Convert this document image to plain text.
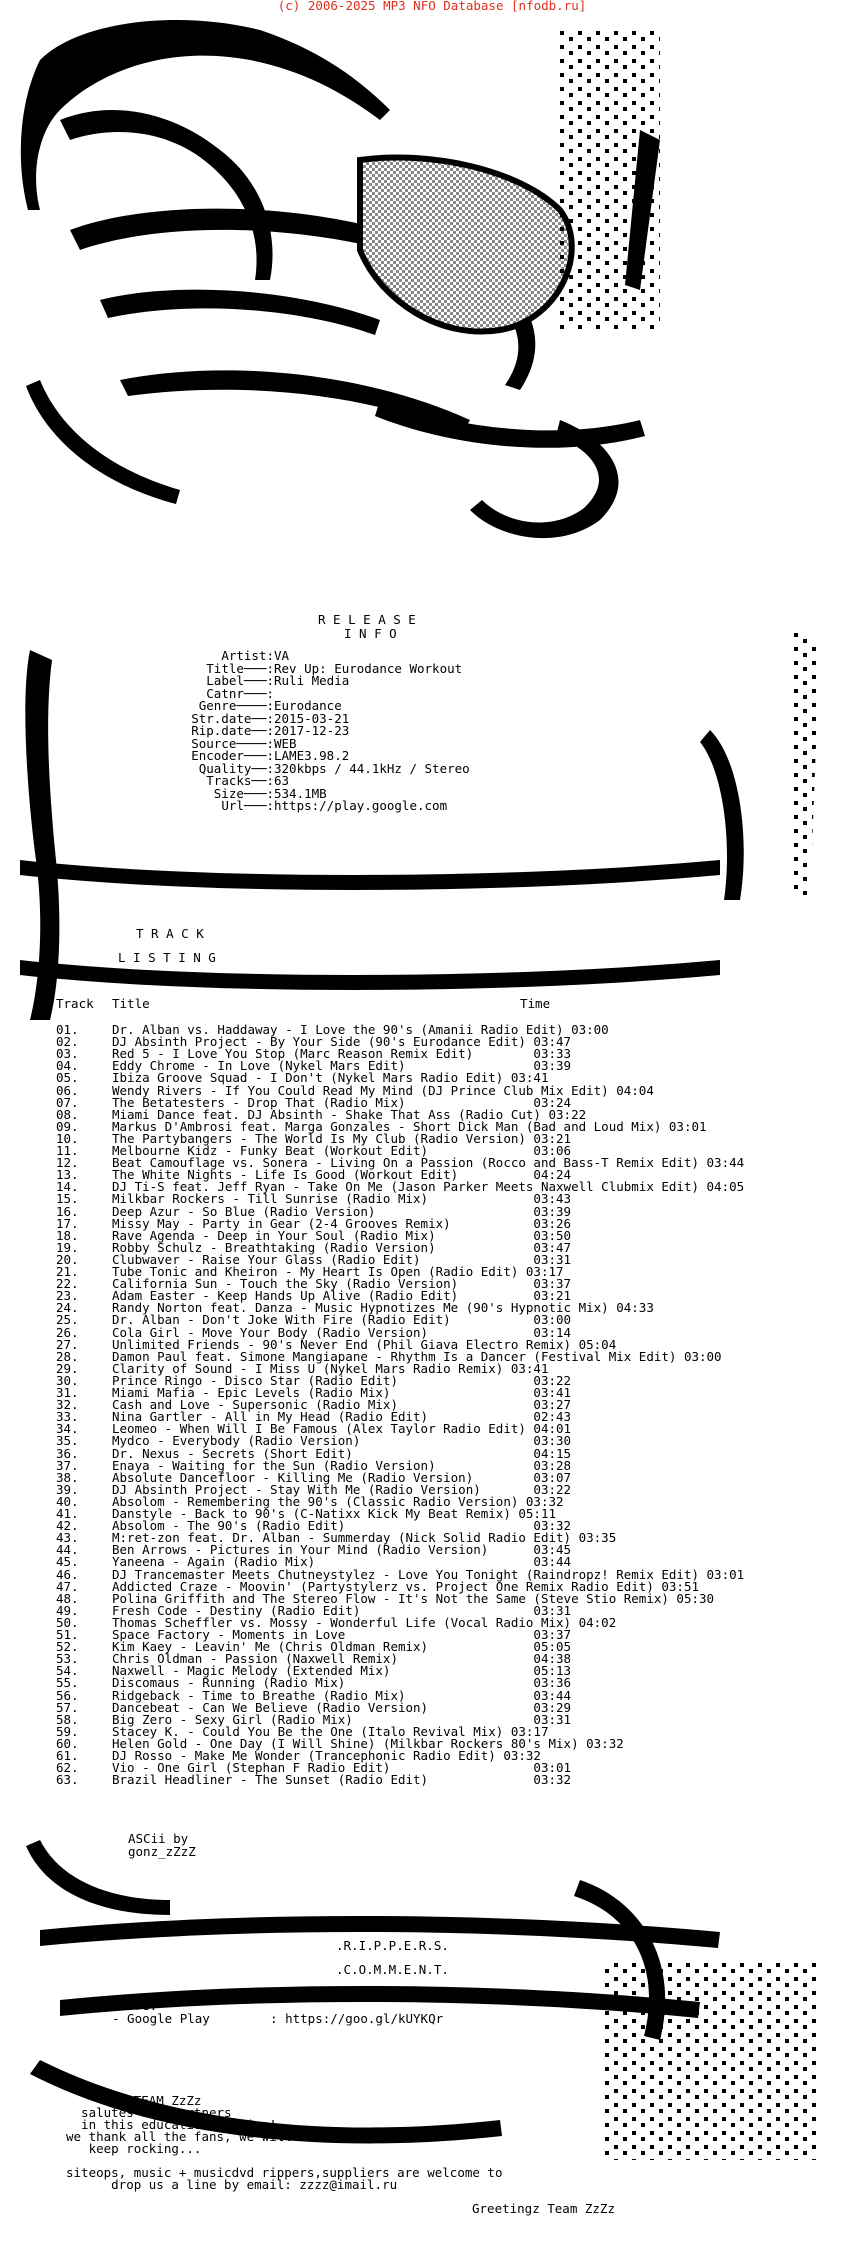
(c) 2006-2025 MP3 NFO Database [nfodb.ru]
R E L E A S E
I N F O

Artist: VA

Title───: Rev Up: Eurodance Workout

Label───: Ruli Media

Catnr───:

Genre────: Eurodance

Str.date──: 2015-03-21

Rip.date──: 2017-12-23

Source────: WEB

Encoder───: LAME3.98.2

Quality──: 320kbps / 44.1kHz / Stereo

Tracks──: 63

Size───: 534.1MB

Url───: https://play.google.com

T R A C K
L I S T I N G
Track Title	Time
01.	Dr. Alban vs. Haddaway - I Love the 90's (Amanii Radio Edit) 03:00
02.	DJ Absinth Project - By Your Side (90's Eurodance Edit) 03:47
03.	Red 5 - I Love You Stop (Marc Reason Remix Edit)        03:33
04.	Eddy Chrome - In Love (Nykel Mars Edit)                 03:39
05.	Ibiza Groove Squad - I Don't (Nykel Mars Radio Edit) 03:41
06.	Wendy Rivers - If You Could Read My Mind (DJ Prince Club Mix Edit) 04:04
07.	The Betatesters - Drop That (Radio Mix)                 03:24
08.	Miami Dance feat. DJ Absinth - Shake That Ass (Radio Cut) 03:22
09.	Markus D'Ambrosi feat. Marga Gonzales - Short Dick Man (Bad and Loud Mix) 03:01
10.	The Partybangers - The World Is My Club (Radio Version) 03:21
11.	Melbourne Kidz - Funky Beat (Workout Edit)              03:06
12.	Beat Camouflage vs. Sonera - Living On a Passion (Rocco and Bass-T Remix Edit) 03:44
13.	The White Nights - Life Is Good (Workout Edit)          04:24
14.	DJ Ti-S feat. Jeff Ryan - Take On Me (Jason Parker Meets Naxwell Clubmix Edit) 04:05
15.	Milkbar Rockers - Till Sunrise (Radio Mix)              03:43
16.	Deep Azur - So Blue (Radio Version)                     03:39
17.	Missy May - Party in Gear (2-4 Grooves Remix)           03:26
18.	Rave Agenda - Deep in Your Soul (Radio Mix)             03:50
19.	Robby Schulz - Breathtaking (Radio Version)             03:47
20.	Clubwaver - Raise Your Glass (Radio Edit)               03:31
21.	Tube Tonic and Kheiron - My Heart Is Open (Radio Edit) 03:17
22.	California Sun - Touch the Sky (Radio Version)          03:37
23.	Adam Easter - Keep Hands Up Alive (Radio Edit)          03:21
24.	Randy Norton feat. Danza - Music Hypnotizes Me (90's Hypnotic Mix) 04:33
25.	Dr. Alban - Don't Joke With Fire (Radio Edit)           03:00
26.	Cola Girl - Move Your Body (Radio Version)              03:14
27.	Unlimited Friends - 90's Never End (Phil Giava Electro Remix) 05:04
28.	Damon Paul feat. Simone Mangiapane - Rhythm Is a Dancer (Festival Mix Edit) 03:00
29.	Clarity of Sound - I Miss U (Nykel Mars Radio Remix) 03:41
30.	Prince Ringo - Disco Star (Radio Edit)                  03:22
31.	Miami Mafia - Epic Levels (Radio Mix)                   03:41
32.	Cash and Love - Supersonic (Radio Mix)                  03:27
33.	Nina Gartler - All in My Head (Radio Edit)              02:43
34.	Leomeo - When Will I Be Famous (Alex Taylor Radio Edit) 04:01
35.	Mydco - Everybody (Radio Version)                       03:30
36.	Dr. Nexus - Secrets (Short Edit)                        04:15
37.	Enaya - Waiting for the Sun (Radio Version)             03:28
38.	Absolute Dancefloor - Killing Me (Radio Version)        03:07
39.	DJ Absinth Project - Stay With Me (Radio Version)       03:22
40.	Absolom - Remembering the 90's (Classic Radio Version) 03:32
41.	Danstyle - Back to 90's (C-Natixx Kick My Beat Remix) 05:11
42.	Absolom - The 90's (Radio Edit)                         03:32
43.	M:ret-zon feat. Dr. Alban - Summerday (Nick Solid Radio Edit) 03:35
44.	Ben Arrows - Pictures in Your Mind (Radio Version)      03:45
45.	Yaneena - Again (Radio Mix)                             03:44
46.	DJ Trancemaster Meets Chutneystylez - Love You Tonight (Raindropz! Remix Edit) 03:01
47.	Addicted Craze - Moovin' (Partystylerz vs. Project One Remix Radio Edit) 03:51
48.	Polina Griffith and The Stereo Flow - It's Not the Same (Steve Stio Remix) 05:30
49.	Fresh Code - Destiny (Radio Edit)                       03:31
50.	Thomas Scheffler vs. Mossy - Wonderful Life (Vocal Radio Mix) 04:02
51.	Space Factory - Moments in Love                         03:37
52.	Kim Kaey - Leavin' Me (Chris Oldman Remix)              05:05
53.	Chris Oldman - Passion (Naxwell Remix)                  04:38
54.	Naxwell - Magic Melody (Extended Mix)                   05:13
55.	Discomaus - Running (Radio Mix)                         03:36
56.	Ridgeback - Time to Breathe (Radio Mix)                 03:44
57.	Dancebeat - Can We Believe (Radio Version)              03:29
58.	Big Zero - Sexy Girl (Radio Mix)                        03:31
59.	Stacey K. - Could You Be the One (Italo Revival Mix) 03:17
60.	Helen Gold - One Day (I Will Shine) (Milkbar Rockers 80's Mix) 03:32
61.	DJ Rosso - Make Me Wonder (Trancephonic Radio Edit) 03:32
62.	Vio - One Girl (Stephan F Radio Edit)                   03:01
63.	Brazil Headliner - The Sunset (Radio Edit)              03:32
ASCii by
gonz_zZzZ
.R.I.P.P.E.R.S.
.C.O.M.M.E.N.T.
Store:
- Google Play        : https://goo.gl/kUYKQr
TEAM ZzZz
salutes all partners
in this educational crime!
we thank all the fans, we will
keep rocking...
siteops, music + musicdvd rippers,suppliers are welcome to
drop us a line by email: zzzz@imail.ru
Greetingz Team ZzZz
